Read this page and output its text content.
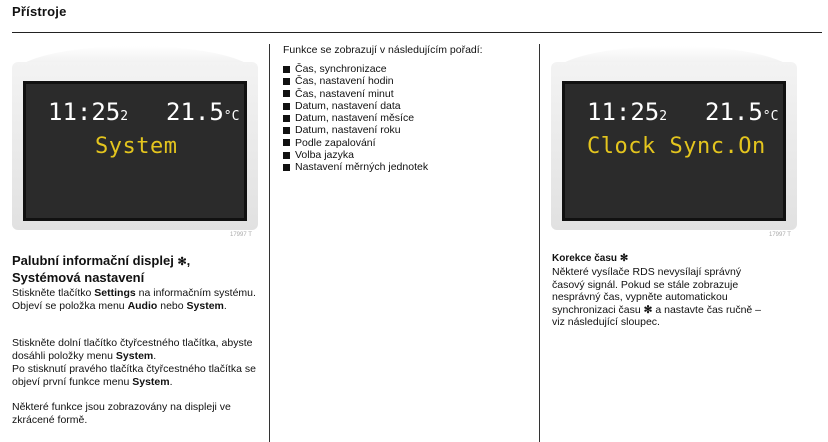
Přístroje
11:252 21.5°C
System
17997 T
11:252 21.5°C
Clock Sync.On
17997 T
Palubní informační displej ✻,
Systémová nastavení

Stiskněte tlačítko Settings na informačním systému. Objeví se položka menu Audio nebo System.

Stiskněte dolní tlačítko čtyřcestného tlačítka, abyste dosáhli položky menu System.

Po stisknutí pravého tlačítka čtyřcestného tlačítka se objeví první funkce menu System.

Některé funkce jsou zobrazovány na displeji ve zkrácené formě.

Funkce se zobrazují v následujícím pořadí:
Čas, synchronizace
Čas, nastavení hodin
Čas, nastavení minut
Datum, nastavení data
Datum, nastavení měsíce
Datum, nastavení roku
Podle zapalování
Volba jazyka
Nastavení měrných jednotek
Korekce času ✻

Některé vysílače RDS nevysílají správný časový signál. Pokud se stále zobrazuje nesprávný čas, vypněte automatickou synchronizaci času ✻ a nastavte čas ručně – viz následující sloupec.
